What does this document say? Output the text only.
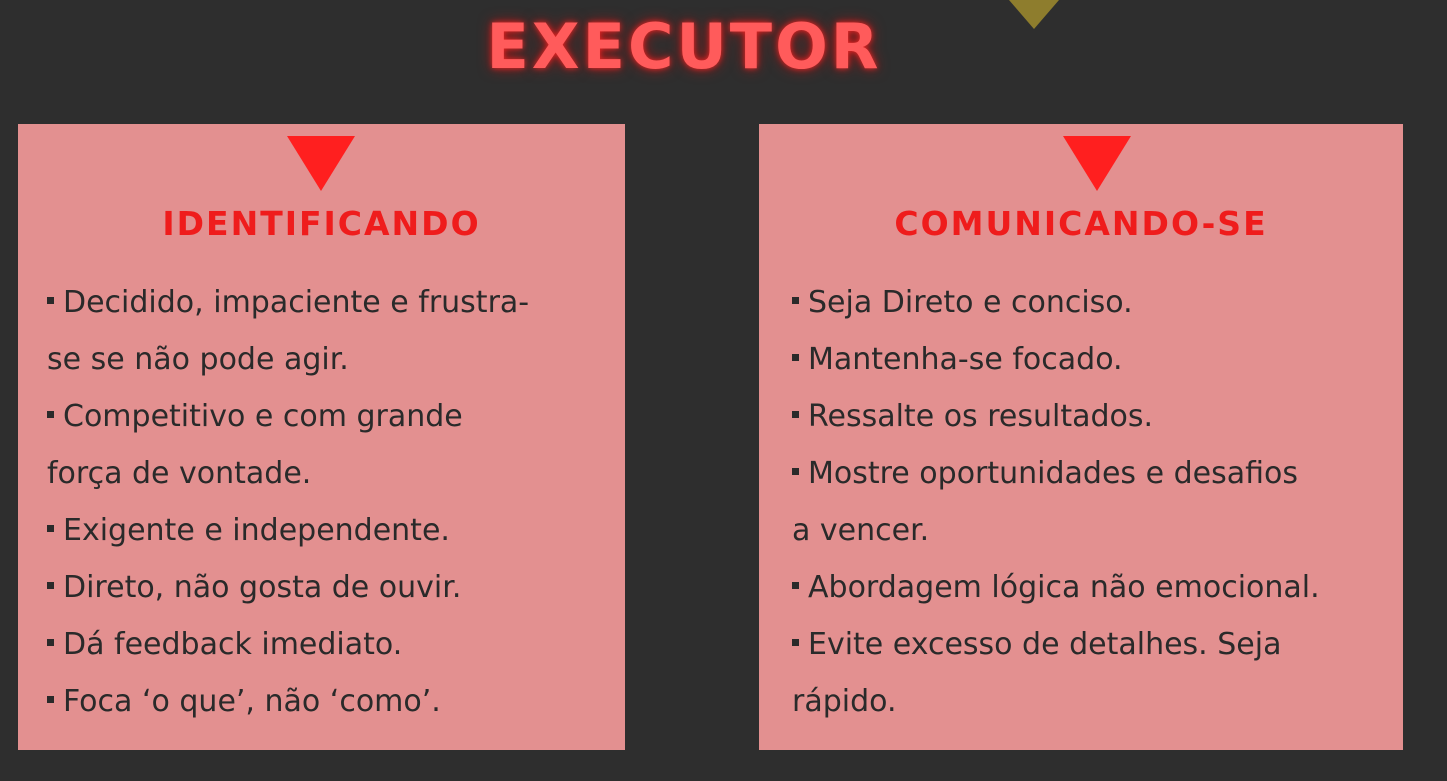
EXECUTOR
IDENTIFICANDO
Decidido, impaciente e frustra-
se se não pode agir.
Competitivo e com grande
força de vontade.
Exigente e independente.
Direto, não gosta de ouvir.
Dá feedback imediato.
Foca ‘o que’, não ‘como’.
COMUNICANDO-SE
Seja Direto e conciso.
Mantenha-se focado.
Ressalte os resultados.
Mostre oportunidades e desafios
a vencer.
Abordagem lógica não emocional.
Evite excesso de detalhes. Seja
rápido.
